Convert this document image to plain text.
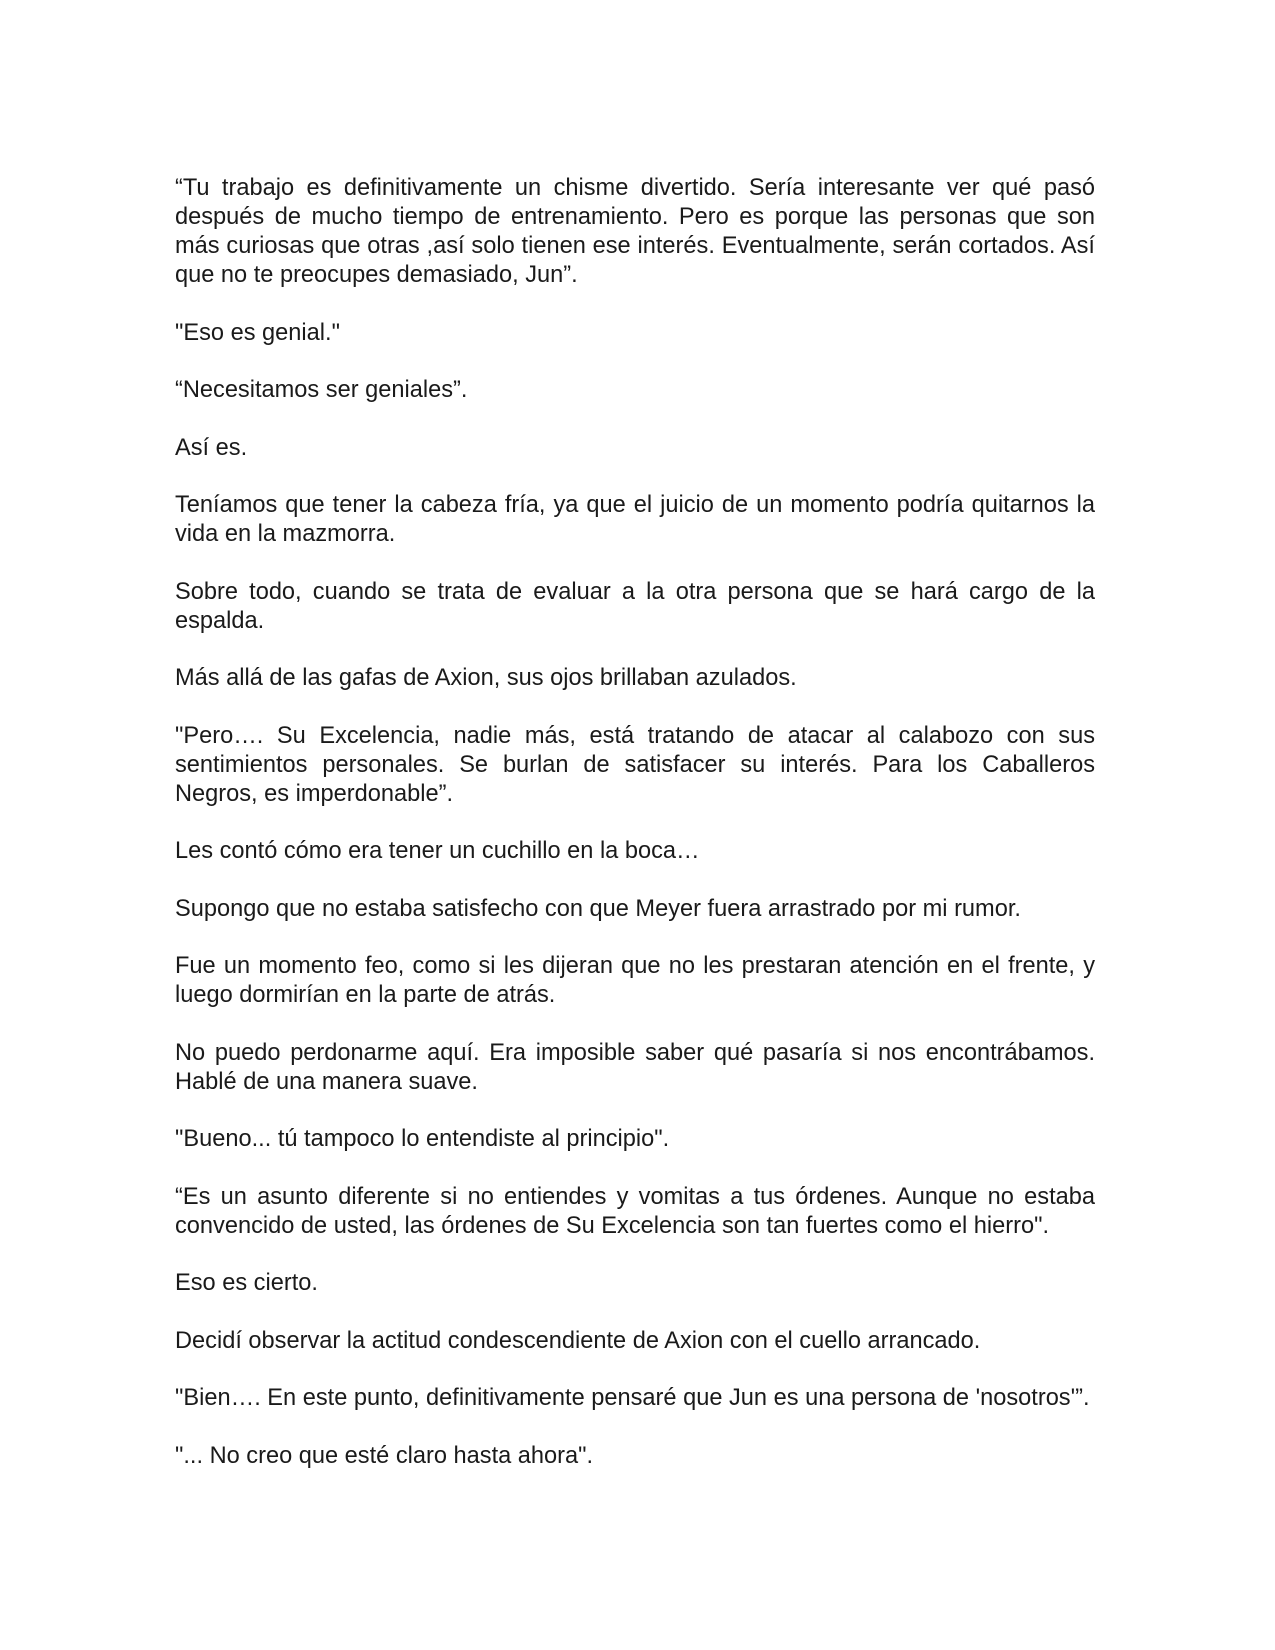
“Tu trabajo es definitivamente un chisme divertido. Sería interesante ver qué pasó después de mucho tiempo de entrenamiento. Pero es porque las personas que son más curiosas que otras ,así solo tienen ese interés. Eventualmente, serán cortados. Así que no te preocupes demasiado, Jun”.

"Eso es genial."

“Necesitamos ser geniales”.

Así es.

Teníamos que tener la cabeza fría, ya que el juicio de un momento podría quitarnos la vida en la mazmorra.

Sobre todo, cuando se trata de evaluar a la otra persona que se hará cargo de la espalda.

Más allá de las gafas de Axion, sus ojos brillaban azulados.

"Pero…. Su Excelencia, nadie más, está tratando de atacar al calabozo con sus sentimientos personales. Se burlan de satisfacer su interés. Para los Caballeros Negros, es imperdonable”.

Les contó cómo era tener un cuchillo en la boca…

Supongo que no estaba satisfecho con que Meyer fuera arrastrado por mi rumor.

Fue un momento feo, como si les dijeran que no les prestaran atención en el frente, y luego dormirían en la parte de atrás.

No puedo perdonarme aquí. Era imposible saber qué pasaría si nos encontrábamos. Hablé de una manera suave.

"Bueno... tú tampoco lo entendiste al principio".

“Es un asunto diferente si no entiendes y vomitas a tus órdenes. Aunque no estaba convencido de usted, las órdenes de Su Excelencia son tan fuertes como el hierro".

Eso es cierto.

Decidí observar la actitud condescendiente de Axion con el cuello arrancado.

"Bien…. En este punto, definitivamente pensaré que Jun es una persona de 'nosotros'”.

"... No creo que esté claro hasta ahora".
